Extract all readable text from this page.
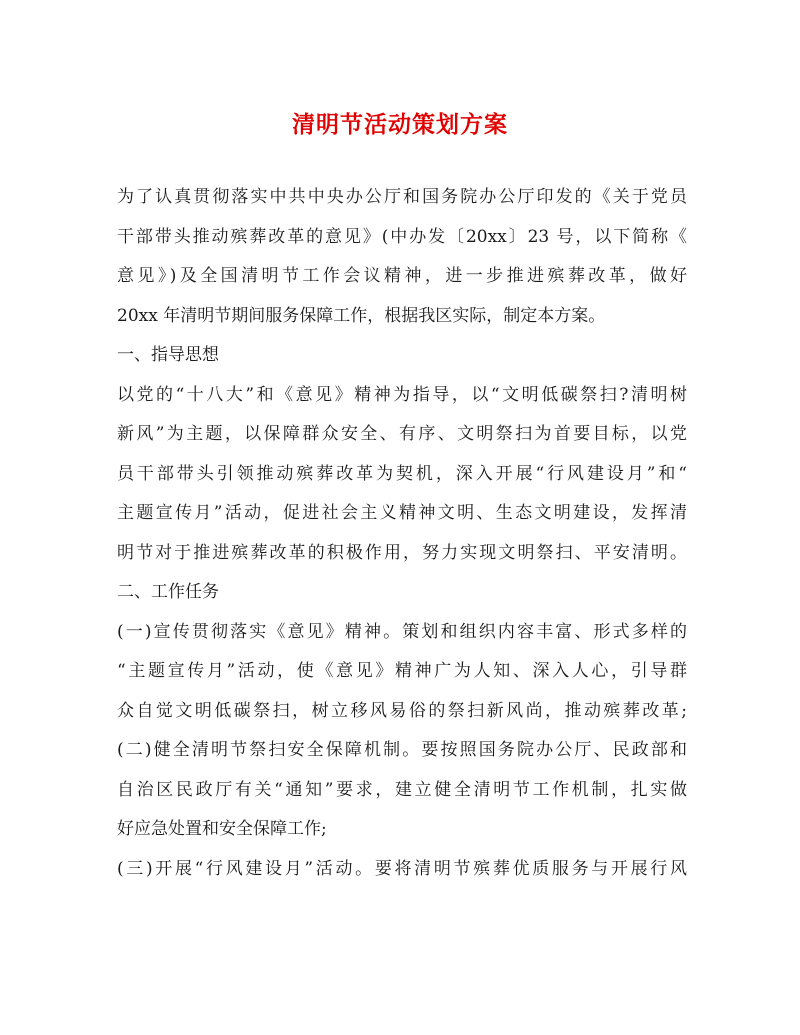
清明节活动策划方案
为了认真贯彻落实中共中央办公厅和国务院办公厅印发的《关于党员
干部带头推动殡葬改革的意见》(中办发〔20xx〕23 号，以下简称《
意见》)及全国清明节工作会议精神，进一步推进殡葬改革，做好
20xx 年清明节期间服务保障工作，根据我区实际，制定本方案。
一、指导思想
以党的“十八大”和《意见》精神为指导，以“文明低碳祭扫?清明树
新风”为主题，以保障群众安全、有序、文明祭扫为首要目标，以党
员干部带头引领推动殡葬改革为契机，深入开展“行风建设月”和“
主题宣传月”活动，促进社会主义精神文明、生态文明建设，发挥清
明节对于推进殡葬改革的积极作用，努力实现文明祭扫、平安清明。
二、工作任务
(一)宣传贯彻落实《意见》精神。策划和组织内容丰富、形式多样的
“主题宣传月”活动，使《意见》精神广为人知、深入人心，引导群
众自觉文明低碳祭扫，树立移风易俗的祭扫新风尚，推动殡葬改革;
(二)健全清明节祭扫安全保障机制。要按照国务院办公厅、民政部和
自治区民政厅有关“通知”要求，建立健全清明节工作机制，扎实做
好应急处置和安全保障工作;
(三)开展“行风建设月”活动。要将清明节殡葬优质服务与开展行风
